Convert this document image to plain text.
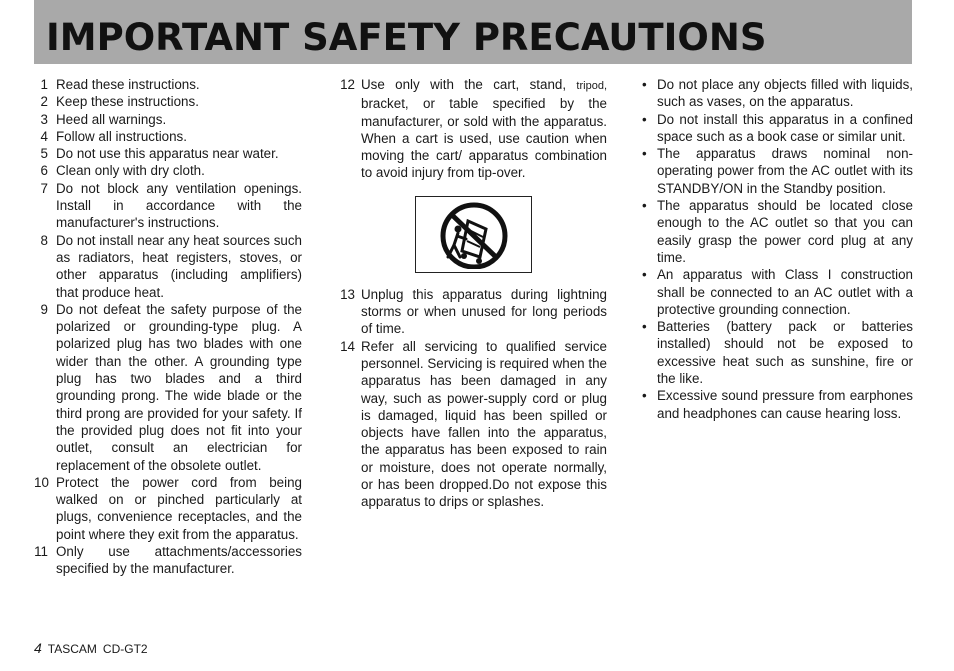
IMPORTANT SAFETY PRECAUTIONS
1 Read these instructions.
2 Keep these instructions.
3 Heed all warnings.
4 Follow all instructions.
5 Do not use this apparatus near water.
6 Clean only with dry cloth.
7 Do not block any ventilation openings. Install in accordance with the manufacturer's instructions.
8 Do not install near any heat sources such as radiators, heat registers, stoves, or other apparatus (including amplifiers) that produce heat.
9 Do not defeat the safety purpose of the polarized or grounding-type plug. A polarized plug has two blades with one wider than the other. A grounding type plug has two blades and a third grounding prong. The wide blade or the third prong are provided for your safety. If the provided plug does not fit into your outlet, consult an electrician for replacement of the obsolete outlet.
10 Protect the power cord from being walked on or pinched particularly at plugs, convenience receptacles, and the point where they exit from the apparatus.
11 Only use attachments/accessories specified by the manufacturer.
12 Use only with the cart, stand, tripod, bracket, or table specified by the manufacturer, or sold with the apparatus. When a cart is used, use caution when moving the cart/ apparatus combination to avoid injury from tip-over.
13 Unplug this apparatus during lightning storms or when unused for long periods of time.
14 Refer all servicing to qualified service personnel. Servicing is required when the apparatus has been damaged in any way, such as power-supply cord or plug is damaged, liquid has been spilled or objects have fallen into the apparatus, the apparatus has been exposed to rain or moisture, does not operate normally, or has been dropped.Do not expose this apparatus to drips or splashes.
• Do not place any objects filled with liquids, such as vases, on the apparatus.
• Do not install this apparatus in a confined space such as a book case or similar unit.
• The apparatus draws nominal non-operating power from the AC outlet with its STANDBY/ON in the Standby position.
• The apparatus should be located close enough to the AC outlet so that you can easily grasp the power cord plug at any time.
• An apparatus with Class I construction shall be connected to an AC outlet with a protective grounding connection.
• Batteries (battery pack or batteries installed) should not be exposed to excessive heat such as sunshine, fire or the like.
• Excessive sound pressure from earphones and headphones can cause hearing loss.
4 TASCAM CD-GT2
